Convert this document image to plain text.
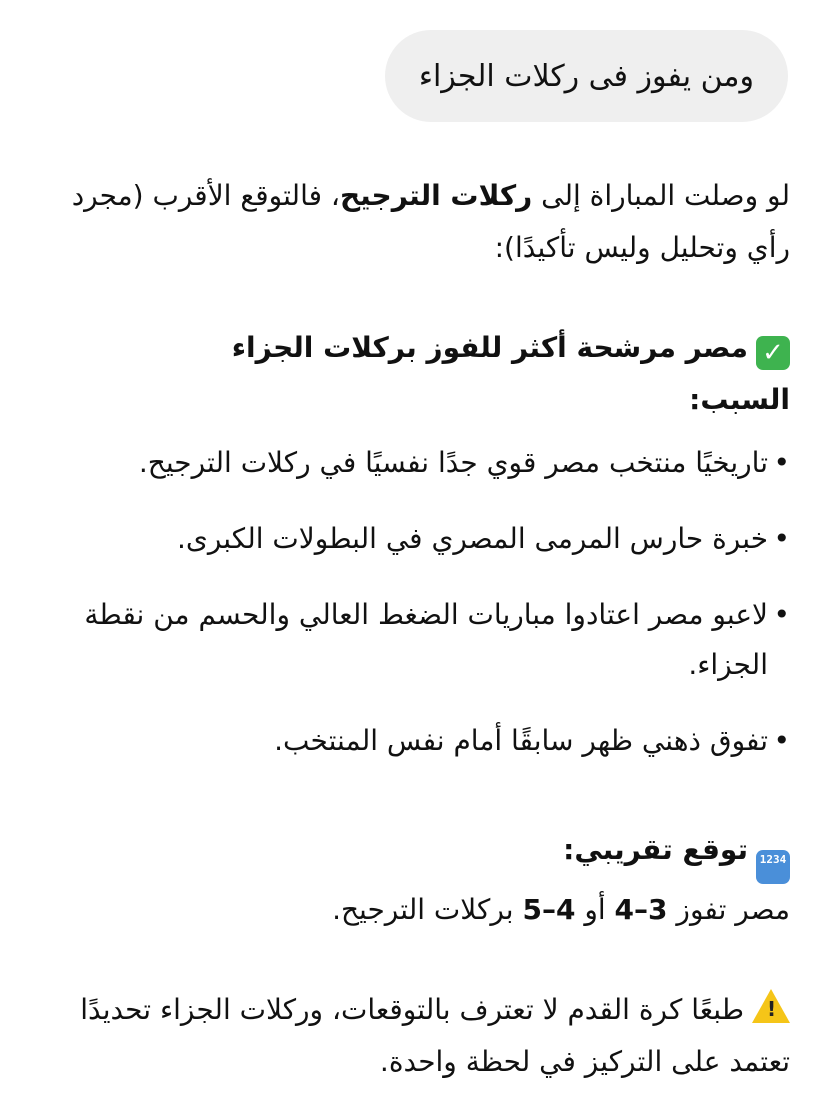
ومن يفوز فى ركلات الجزاء

لو وصلت المباراة إلى ركلات الترجيح، فالتوقع الأقرب (مجرد رأي وتحليل وليس تأكيدًا):

✓مصر مرشحة أكثر للفوز بركلات الجزاء

السبب:

•
تاريخيًا منتخب مصر قوي جدًا نفسيًا في ركلات الترجيح.
•
خبرة حارس المرمى المصري في البطولات الكبرى.
•
لاعبو مصر اعتادوا مباريات الضغط العالي والحسم من نقطة الجزاء.
•
تفوق ذهني ظهر سابقًا أمام نفس المنتخب.

1234توقع تقريبي:

مصر تفوز 4–3 أو 5–4 بركلات الترجيح.

!
طبعًا كرة القدم لا تعترف بالتوقعات، وركلات الجزاء تحديدًا تعتمد على التركيز في لحظة واحدة.
